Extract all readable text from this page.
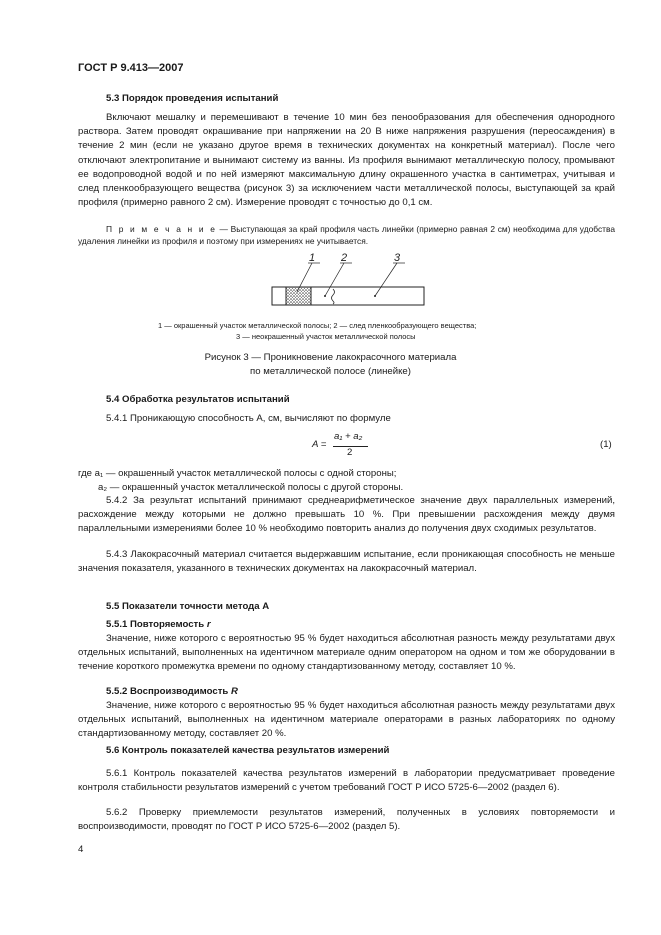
ГОСТ Р 9.413—2007
5.3 Порядок проведения испытаний
Включают мешалку и перемешивают в течение 10 мин без пенообразования для обеспечения однородного раствора. Затем проводят окрашивание при напряжении на 20 В ниже напряжения разрушения (переосаждения) в течение 2 мин (если не указано другое время в технических документах на конкретный материал). После чего отключают электропитание и вынимают систему из ванны. Из профиля вынимают металлическую полосу, промывают ее водопроводной водой и по ней измеряют максимальную длину окрашенного участка в сантиметрах, учитывая и след пленкообразующего вещества (рисунок 3) за исключением части металлической полосы, выступающей за край профиля (примерно равного 2 см). Измерение проводят с точностью до 0,1 см.
П р и м е ч а н и е — Выступающая за край профиля часть линейки (примерно равная 2 см) необходима для удобства удаления линейки из профиля и поэтому при измерениях не учитывается.
1 2	3
1 — окрашенный участок металлической полосы; 2 — след пленкообразующего вещества;
3 — неокрашенный участок металлической полосы
Рисунок 3 — Проникновение лакокрасочного материала
по металлической полосе (линейке)
5.4 Обработка результатов испытаний
5.4.1 Проникающую способность А, см, вычисляют по формуле
A =
a₁ + a₂
2
(1)
где a₁ — окрашенный участок металлической полосы с одной стороны;
a₂ — окрашенный участок металлической полосы с другой стороны.
5.4.2 За результат испытаний принимают среднеарифметическое значение двух параллельных измерений, расхождение между которыми не должно превышать 10 %. При превышении расхождения между двумя параллельными измерениями более 10 % необходимо повторить анализ до получения двух сходимых результатов.
5.4.3 Лакокрасочный материал считается выдержавшим испытание, если проникающая способность не меньше значения показателя, указанного в технических документах на лакокрасочный материал.
5.5 Показатели точности метода А
5.5.1 Повторяемость r
Значение, ниже которого с вероятностью 95 % будет находиться абсолютная разность между результатами двух отдельных испытаний, выполненных на идентичном материале одним оператором на одном и том же оборудовании в течение короткого промежутка времени по одному стандартизованному методу, составляет 10 %.
5.5.2 Воспроизводимость R
Значение, ниже которого с вероятностью 95 % будет находиться абсолютная разность между результатами двух отдельных испытаний, выполненных на идентичном материале операторами в разных лабораториях по одному стандартизованному методу, составляет 20 %.
5.6 Контроль показателей качества результатов измерений
5.6.1 Контроль показателей качества результатов измерений в лаборатории предусматривает проведение контроля стабильности результатов измерений с учетом требований ГОСТ Р ИСО 5725-6—2002 (раздел 6).
5.6.2 Проверку приемлемости результатов измерений, полученных в условиях повторяемости и воспроизводимости, проводят по ГОСТ Р ИСО 5725-6—2002 (раздел 5).
4
